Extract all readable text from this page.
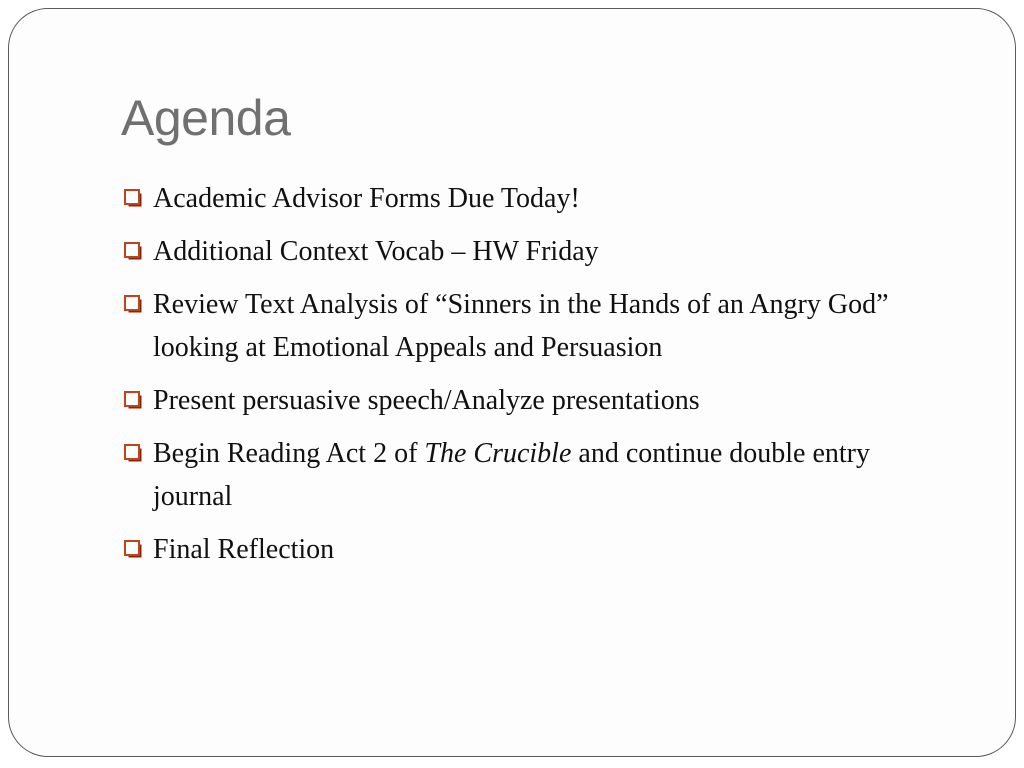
Agenda
Academic Advisor Forms Due Today!
Additional Context Vocab – HW Friday
Review Text Analysis of “Sinners in the Hands of an Angry God” looking at Emotional Appeals and Persuasion
Present persuasive speech/Analyze presentations
Begin Reading Act 2 of The Crucible and continue double entry journal
Final Reflection
